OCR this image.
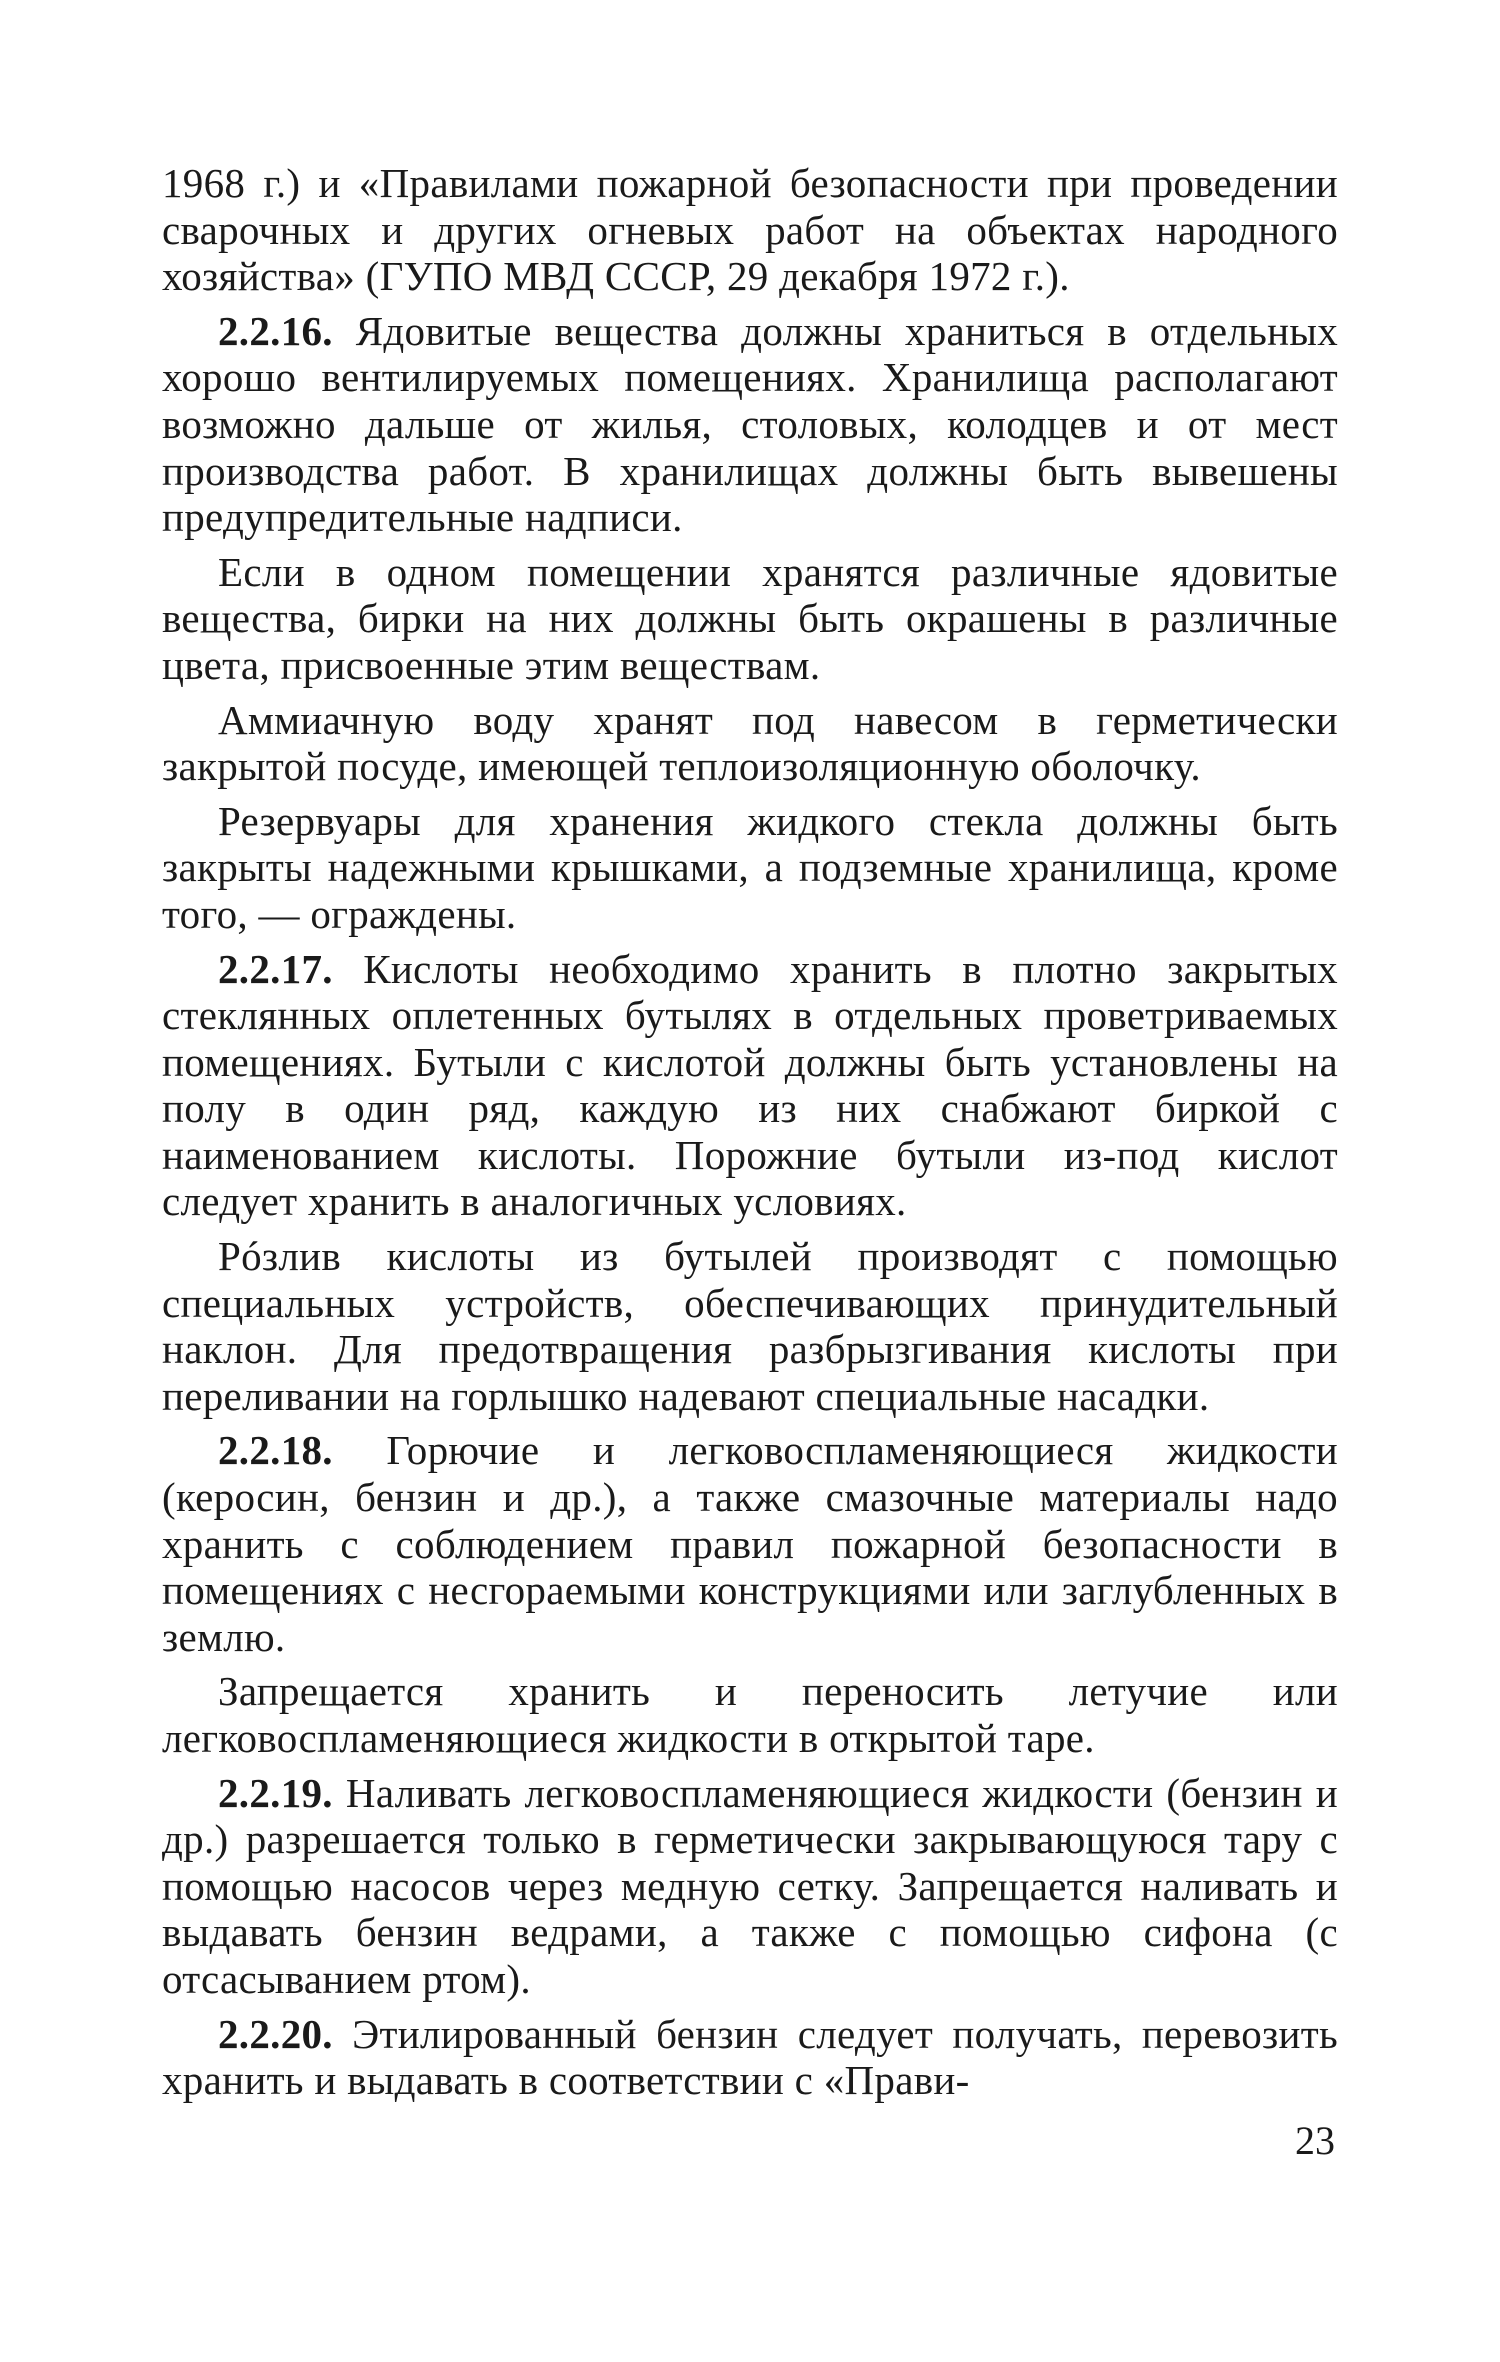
1968 г.) и «Правилами пожарной безопасности при проведении сварочных и других огневых работ на объектах народного хозяйства» (ГУПО МВД СССР, 29 декабря 1972 г.).

2.2.16. Ядовитые вещества должны храниться в отдельных хорошо вентилируемых помещениях. Хранилища располагают возможно дальше от жилья, столовых, колодцев и от мест производства работ. В хранилищах должны быть вывешены предупредительные надписи.

Если в одном помещении хранятся различные ядовитые вещества, бирки на них должны быть окрашены в различные цвета, присвоенные этим веществам.

Аммиачную воду хранят под навесом в герметически закрытой посуде, имеющей теплоизоляционную оболочку.

Резервуары для хранения жидкого стекла должны быть закрыты надежными крышками, а подземные хранилища, кроме того, — ограждены.

2.2.17. Кислоты необходимо хранить в плотно закрытых стеклянных оплетенных бутылях в отдельных проветриваемых помещениях. Бутыли с кислотой должны быть установлены на полу в один ряд, каждую из них снабжают биркой с наименованием кислоты. Порожние бутыли из-под кислот следует хранить в аналогичных условиях.

Рóзлив кислоты из бутылей производят с помощью специальных устройств, обеспечивающих принудительный наклон. Для предотвращения разбрызгивания кислоты при переливании на горлышко надевают специальные насадки.

2.2.18. Горючие и легковоспламеняющиеся жидкости (керосин, бензин и др.), а также смазочные материалы надо хранить с соблюдением правил пожарной безопасности в помещениях с несгораемыми конструкциями или заглубленных в землю.

Запрещается хранить и переносить летучие или легковоспламеняющиеся жидкости в открытой таре.

2.2.19. Наливать легковоспламеняющиеся жидкости (бензин и др.) разрешается только в герметически закрывающуюся тару с помощью насосов через медную сетку. Запрещается наливать и выдавать бензин ведрами, а также с помощью сифона (с отсасыванием ртом).

2.2.20. Этилированный бензин следует получать, перевозить хранить и выдавать в соответствии с «Прави-

23
